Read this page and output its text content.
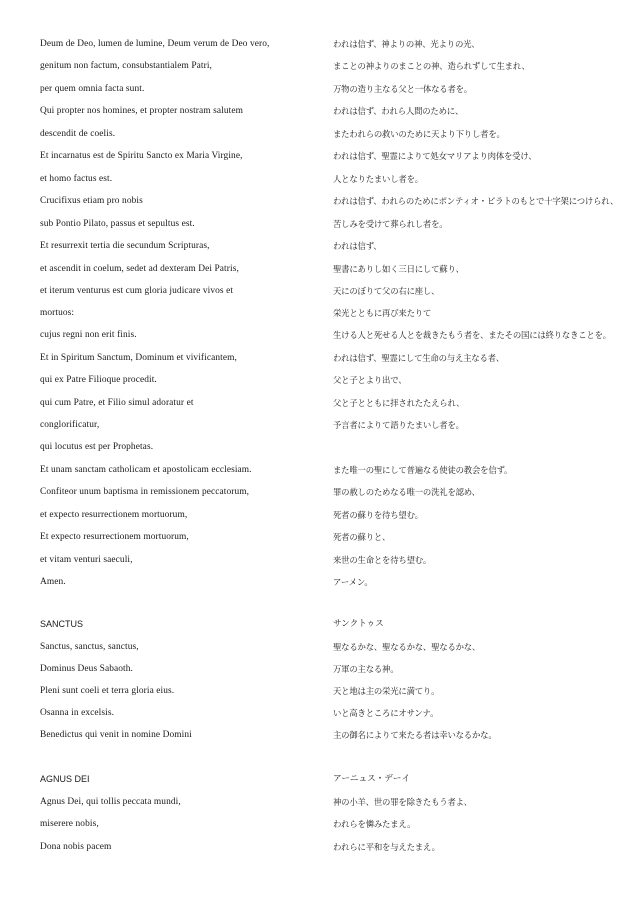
Deum de Deo, lumen de lumine, Deum verum de Deo vero,	われは信ず、神よりの神、光よりの光、
genitum non factum, consubstantialem Patri,	まことの神よりのまことの神、造られずして生まれ、
per quem omnia facta sunt.	万物の造り主なる父と一体なる者を。
Qui propter nos homines, et propter nostram salutem	われは信ず、われら人間のために、
descendit de coelis.	またわれらの救いのために天より下りし者を。
Et incarnatus est de Spiritu Sancto ex Maria Virgine,	われは信ず、聖霊によりて処女マリアより肉体を受け、
et homo factus est.	人となりたまいし者を。
Crucifixus etiam pro nobis	われは信ず、われらのためにポンティオ・ピラトのもとで十字架につけられ、
sub Pontio Pilato, passus et sepultus est.	苦しみを受けて葬られし者を。
Et resurrexit tertia die secundum Scripturas,	われは信ず、
et ascendit in coelum, sedet ad dexteram Dei Patris,	聖書にありし如く三日にして蘇り、
et iterum venturus est cum gloria judicare vivos et	天にのぼりて父の右に座し、
mortuos:	栄光とともに再び来たりて
cujus regni non erit finis.	生ける人と死せる人とを裁きたもう者を、またその国には終りなきことを。
Et in Spiritum Sanctum, Dominum et vivificantem,	われは信ず、聖霊にして生命の与え主なる者、
qui ex Patre Filioque procedit.	父と子とより出で、
qui cum Patre, et Filio simul adoratur et	父と子とともに拝されたたえられ、
conglorificatur,	予言者によりて語りたまいし者を。
qui locutus est per Prophetas.
Et unam sanctam catholicam et apostolicam ecclesiam.	また唯一の聖にして普遍なる使徒の教会を信ず。
Confiteor unum baptisma in remissionem peccatorum,	罪の赦しのためなる唯一の洗礼を認め、
et expecto resurrectionem mortuorum,	死者の蘇りを待ち望む。
Et expecto resurrectionem mortuorum,	死者の蘇りと、
et vitam venturi saeculi,	来世の生命とを待ち望む。
Amen.	アーメン。
SANCTUS	サンクトゥス
Sanctus, sanctus, sanctus,	聖なるかな、聖なるかな、聖なるかな、
Dominus Deus Sabaoth.	万軍の主なる神。
Pleni sunt coeli et terra gloria eius.	天と地は主の栄光に満てり。
Osanna in excelsis.	いと高きところにオサンナ。
Benedictus qui venit in nomine Domini	主の御名によりて来たる者は幸いなるかな。
AGNUS DEI	アーニュス・デーイ
Agnus Dei, qui tollis peccata mundi,	神の小羊、世の罪を除きたもう者よ、
miserere nobis,	われらを憐みたまえ。
Dona nobis pacem	われらに平和を与えたまえ。
